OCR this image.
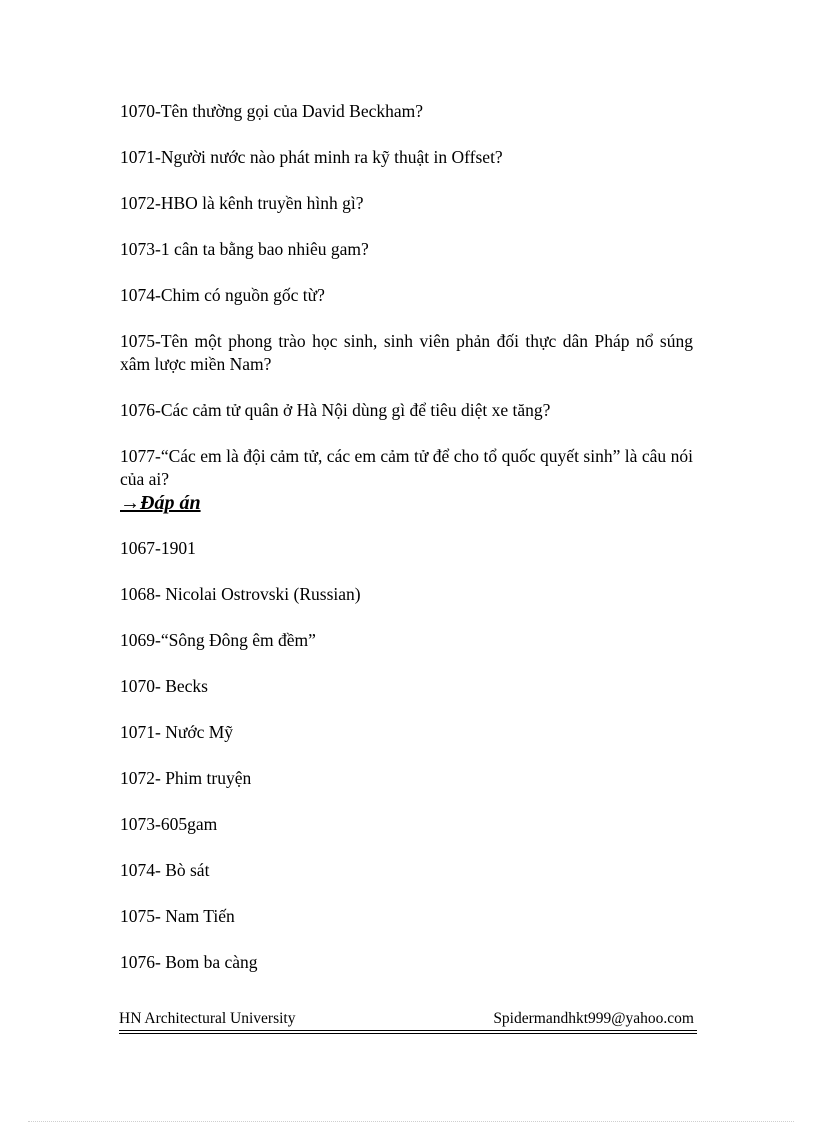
1070-Tên thường gọi của David Beckham?

1071-Người nước nào phát minh ra kỹ thuật in Offset?

1072-HBO là kênh truyền hình gì?

1073-1 cân ta bằng bao nhiêu gam?

1074-Chim có nguồn gốc từ?

1075-Tên một phong trào học sinh, sinh viên phản đối thực dân Pháp nổ súng xâm lược miền Nam?

1076-Các cảm tử quân ở Hà Nội dùng gì để tiêu diệt xe tăng?

1077-“Các em là đội cảm tử, các em cảm tử để cho tổ quốc quyết sinh” là câu nói của ai?

→Đáp án

1067-1901

1068- Nicolai Ostrovski (Russian)

1069-“Sông Đông êm đềm”

1070- Becks

1071- Nước Mỹ

1072- Phim truyện

1073-605gam

1074- Bò sát

1075- Nam Tiến

1076- Bom ba càng

HN Architectural University	Spidermandhkt999@yahoo.com
